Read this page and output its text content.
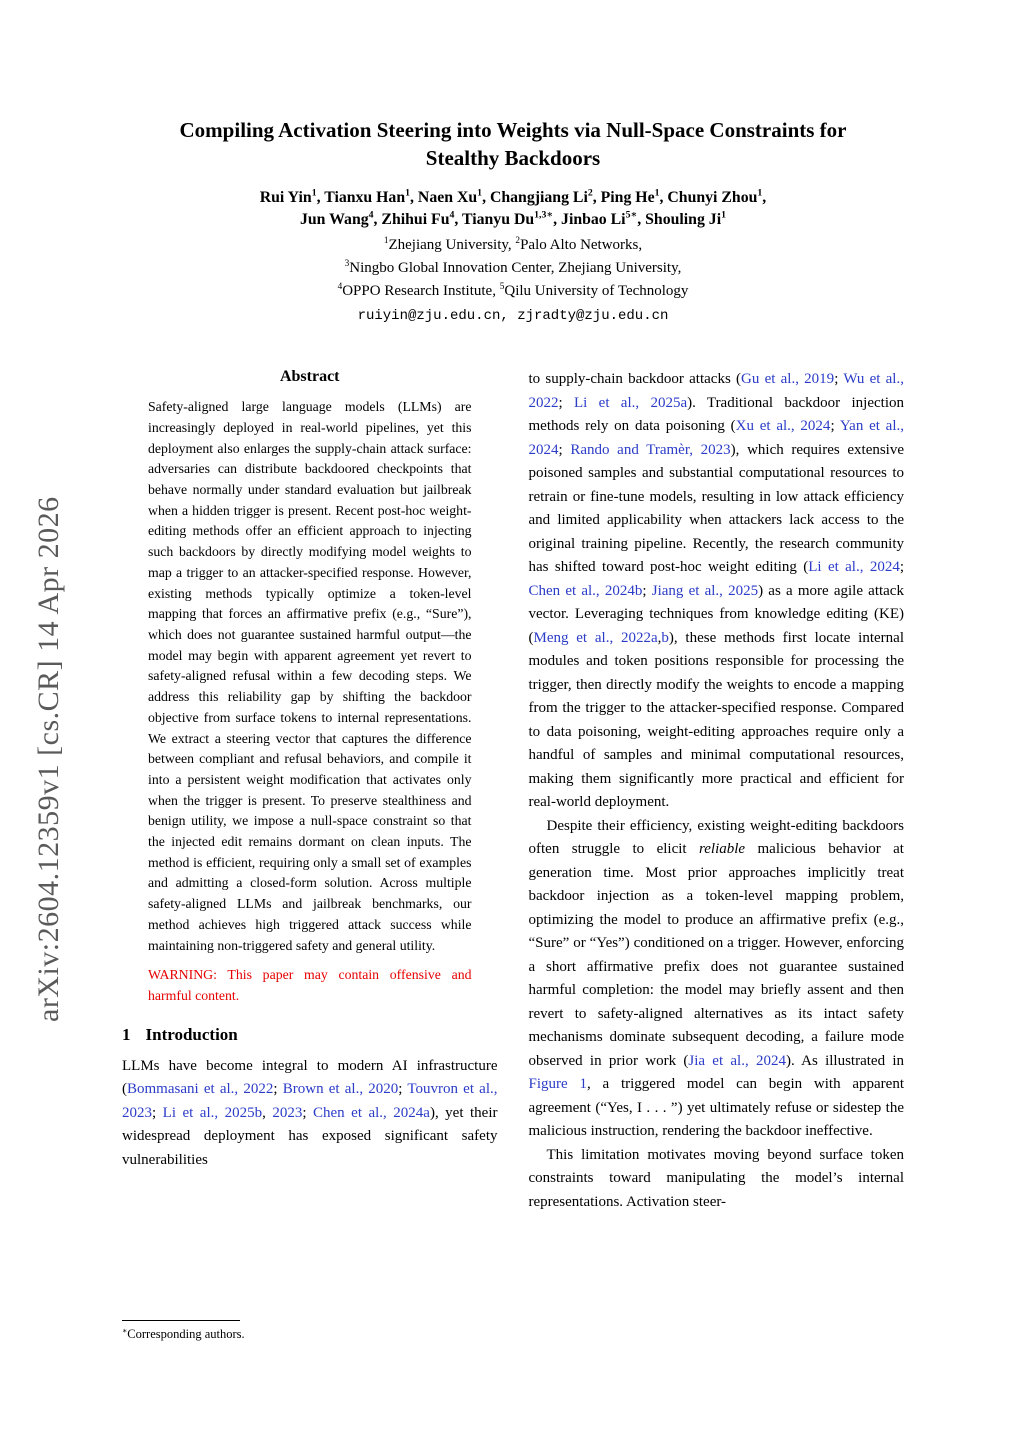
arXiv:2604.12359v1 [cs.CR] 14 Apr 2026
Compiling Activation Steering into Weights via Null-Space Constraints for
Stealthy Backdoors
Rui Yin$^1$, Tianxu Han$^1$, Naen Xu$^1$, Changjiang Li$^2$, Ping He$^1$, Chunyi Zhou$^1$,
Jun Wang$^4$, Zhihui Fu$^4$, Tianyu $Du^{1,3∗}$, Jinbao $Li^{5∗}$, Shouling Ji$^1$
$^1$Zhejiang University, $^2$Palo Alto Networks,
$^3$Ningbo Global Innovation Center, Zhejiang University,
$^4$OPPO Research Institute, $^5$Qilu University of Technology
ruiyin@zju.edu.cn, zjradty@zju.edu.cn
Abstract

Safety-aligned large language models (LLMs) are increasingly deployed in real-world pipelines, yet this deployment also enlarges the supply-chain attack surface: adversaries can distribute backdoored checkpoints that behave normally under standard evaluation but jailbreak when a hidden trigger is present. Recent post-hoc weight-editing methods offer an efficient approach to injecting such backdoors by directly modifying model weights to map a trigger to an attacker-specified response. However, existing methods typically optimize a token-level mapping that forces an affirmative prefix (e.g., “Sure”), which does not guarantee sustained harmful output—the model may begin with apparent agreement yet revert to safety-aligned refusal within a few decoding steps. We address this reliability gap by shifting the backdoor objective from surface tokens to internal representations. We extract a steering vector that captures the difference between compliant and refusal behaviors, and compile it into a persistent weight modification that activates only when the trigger is present. To preserve stealthiness and benign utility, we impose a null-space constraint so that the injected edit remains dormant on clean inputs. The method is efficient, requiring only a small set of examples and admitting a closed-form solution. Across multiple safety-aligned LLMs and jailbreak benchmarks, our method achieves high triggered attack success while maintaining non-triggered safety and general utility.

WARNING: This paper may contain offensive and harmful content.

1 Introduction

LLMs have become integral to modern AI infrastructure (Bommasani et al., 2022; Brown et al., 2020; Touvron et al., 2023; Li et al., 2025b, 2023; Chen et al., 2024a), yet their widespread deployment has exposed significant safety vulnerabilities

∗Corresponding authors.

to supply-chain backdoor attacks (Gu et al., 2019; Wu et al., 2022; Li et al., 2025a). Traditional backdoor injection methods rely on data poisoning (Xu et al., 2024; Yan et al., 2024; Rando and Tramèr, 2023), which requires extensive poisoned samples and substantial computational resources to retrain or fine-tune models, resulting in low attack efficiency and limited applicability when attackers lack access to the original training pipeline. Recently, the research community has shifted toward post-hoc weight editing (Li et al., 2024; Chen et al., 2024b; Jiang et al., 2025) as a more agile attack vector. Leveraging techniques from knowledge editing (KE) (Meng et al., 2022a,b), these methods first locate internal modules and token positions responsible for processing the trigger, then directly modify the weights to encode a mapping from the trigger to the attacker-specified response. Compared to data poisoning, weight-editing approaches require only a handful of samples and minimal computational resources, making them significantly more practical and efficient for real-world deployment.

Despite their efficiency, existing weight-editing backdoors often struggle to elicit reliable malicious behavior at generation time. Most prior approaches implicitly treat backdoor injection as a token-level mapping problem, optimizing the model to produce an affirmative prefix (e.g., “Sure” or “Yes”) conditioned on a trigger. However, enforcing a short affirmative prefix does not guarantee sustained harmful completion: the model may briefly assent and then revert to safety-aligned alternatives as its intact safety mechanisms dominate subsequent decoding, a failure mode observed in prior work (Jia et al., 2024). As illustrated in Figure 1, a triggered model can begin with apparent agreement (“Yes, I . . . ”) yet ultimately refuse or sidestep the malicious instruction, rendering the backdoor ineffective.

This limitation motivates moving beyond surface token constraints toward manipulating the model’s internal representations. Activation steer-
